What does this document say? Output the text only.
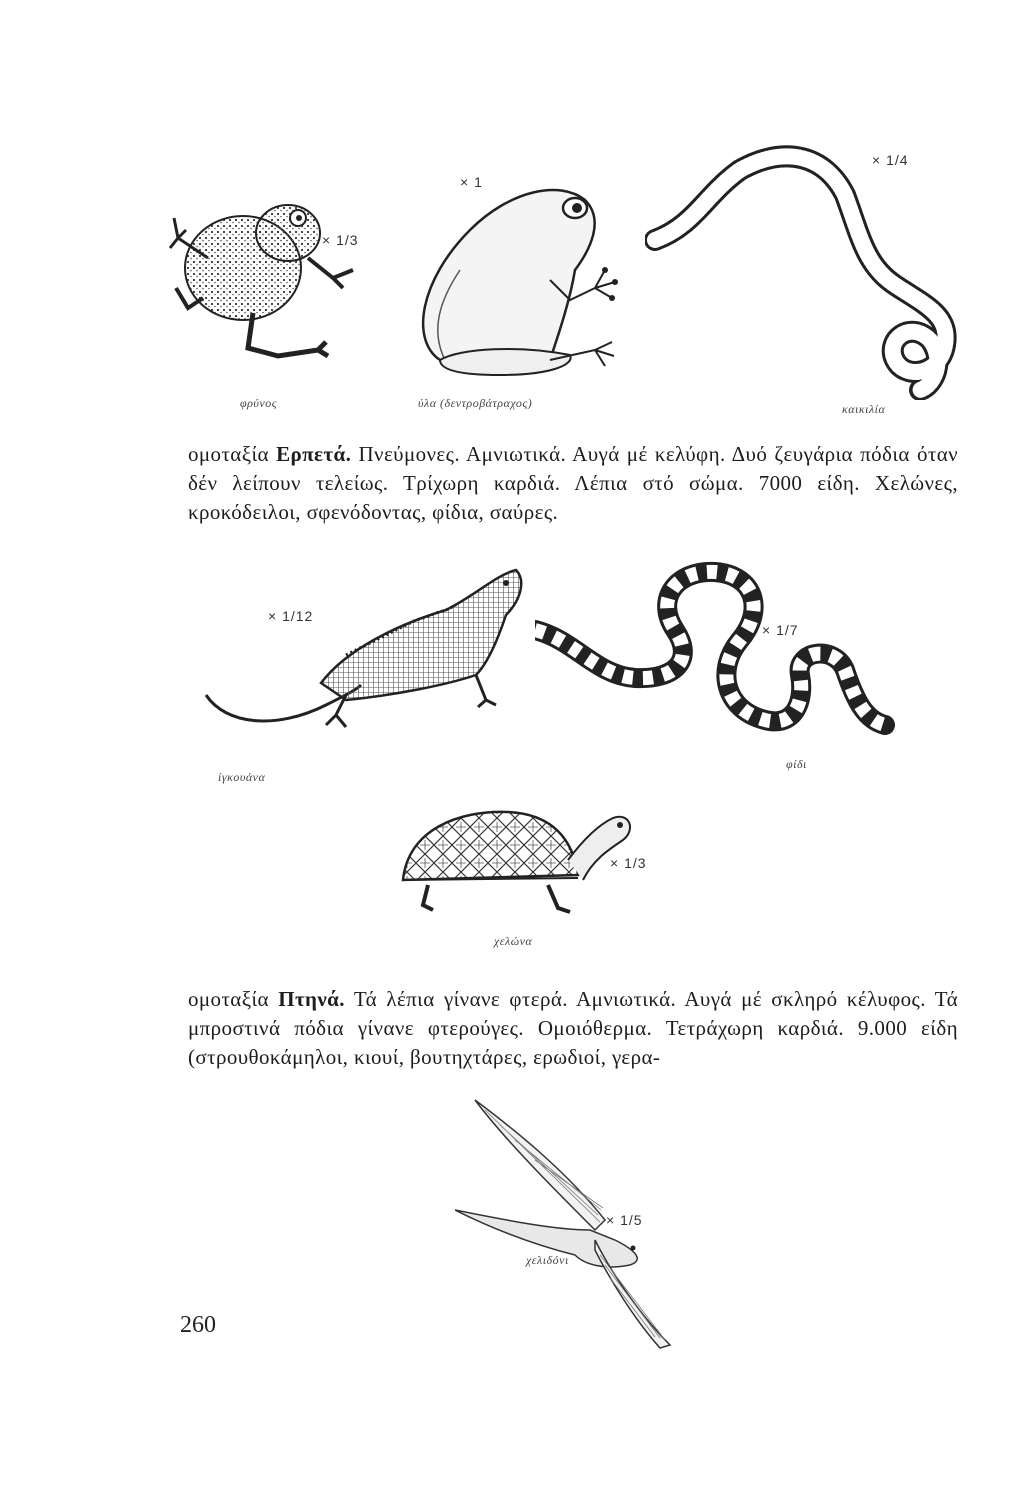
× 1/3
φρύνος
× 1
ύλα (δεντροβάτραχος)
× 1/4
καικιλία

ομοταξία Ερπετά. Πνεύμονες. Αμνιωτικά. Αυγά μέ κελύφη. Δυό ζευγάρια πόδια όταν δέν λείπουν τελείως. Τρίχωρη καρδιά. Λέπια στό σώμα. 7000 είδη. Χελώνες, κροκόδειλοι, σφενόδοντας, φίδια, σαύρες.

× 1/12
ίγκουάνα
× 1/7
φίδι
× 1/3
χελώνα

ομοταξία Πτηνά. Τά λέπια γίνανε φτερά. Αμνιωτικά. Αυγά μέ σκληρό κέλυφος. Τά μπροστινά πόδια γίνανε φτερούγες. Ομοιόθερμα. Τετράχωρη καρδιά. 9.000 είδη (στρουθοκάμηλοι, κιουί, βουτηχτάρες, ερωδιοί, γερα-

× 1/5
χελιδόνι
260
